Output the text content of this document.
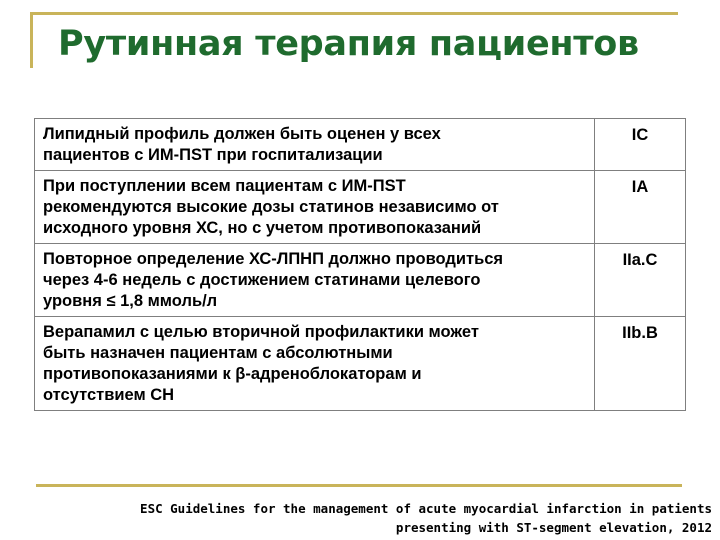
Рутинная терапия пациентов
Липидный профиль должен быть оценен у всех
пациентов с ИМ-ПST при госпитализации	IC
При поступлении всем пациентам с ИМ-ПST
рекомендуются высокие дозы статинов независимо от
исходного уровня ХС, но с учетом противопоказаний	IA
Повторное определение ХС-ЛПНП должно проводиться
через 4-6 недель с достижением статинами целевого
уровня ≤ 1,8 ммоль/л	IIa.C
Верапамил с целью вторичной профилактики может
быть назначен пациентам с абсолютными
противопоказаниями к β-адреноблокаторам и
отсутствием СН	IIb.B
ESC Guidelines for the management of acute myocardial infarction in patients
presenting with ST-segment elevation, 2012
